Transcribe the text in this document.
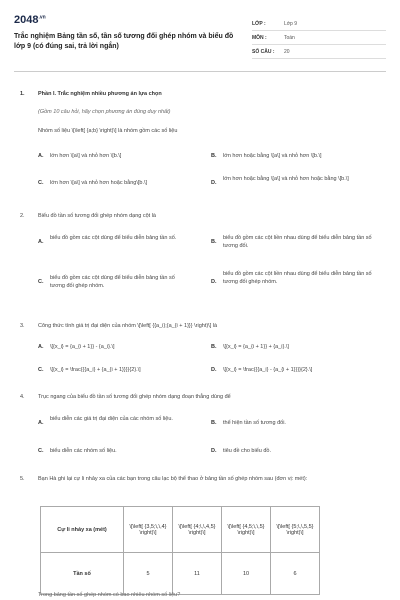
$2048^{.vn}$
Trắc nghiệm Bảng tần số, tần số tương đối ghép nhóm và biểu đồ lớp 9 (có đúng sai, trả lời ngắn)
LỚP :	Lớp 9
MÔN :	Toán
SỐ CÂU :	20
1. Phần I. Trắc nghiệm nhiều phương án lựa chọn
(Gồm 10 câu hỏi, hãy chọn phương án đúng duy nhất)
Nhóm số liệu \[\left[ {a;b} \right)\] là nhóm gồm các số liệu
A. lớn hơn \[a\] và nhỏ hơn \[b.\]	B. lớn hơn hoặc bằng \[a\] và nhỏ hơn \[b.\]
C. lớn hơn \[a\] và nhỏ hơn hoặc bằng\[b.\]	D.
lớn hơn hoặc bằng \[a\] và nhỏ hơn hoặc bằng \[b.\]
2. Biểu đồ tần số tương đối ghép nhóm dạng cột là
A.
biểu đồ gồm các cột dùng để biểu diễn bảng tần số.
B.
biểu đồ gồm các cột liền nhau dùng để biểu diễn bảng tần số tương đối.
C.
biểu đồ gồm các cột dùng để biểu diễn bảng tần số tương đối ghép nhóm.
D.
biểu đồ gồm các cột liền nhau dùng để biểu diễn bảng tần số tương đối ghép nhóm.
3. Công thức tính giá trị đại diện của nhóm \[\left[ {{a_i};{a_{i + 1}}} \right)\] là
A. \[{x_i} = {a_{i + 1}} - {a_i}.\]	B. \[{x_i} = {a_{i + 1}} + {a_i}.\]
C. \[{x_i} = \frac{{{a_i} + {a_{i + 1}}}}{2}.\]	D. \[{x_i} = \frac{{{a_i} - {a_{i + 1}}}}{2}.\]
4. Trục ngang của biểu đồ tần số tương đối ghép nhóm dạng đoạn thẳng dùng để
A.
biểu diễn các giá trị đại diện của các nhóm số liệu.
B. thể hiện tần số tương đối.
C. biểu diễn các nhóm số liệu.	D. tiêu đề cho biểu đồ.
5. Bạn Hà ghi lại cự li nhảy xa của các bạn trong câu lạc bộ thể thao ở bảng tần số ghép nhóm sau (đơn vị: mét):
Cự li nhảy xa (mét)	\[\left[ {3,5;\,\,4} \right)\]	\[\left[ {4;\,\,4,5} \right)\]	\[\left[ {4,5;\,\,5} \right)\]	\[\left[ {5;\,\,5,5} \right)\]
Tần số	5	11	10	6
Trong bảng tần số ghép nhóm có bao nhiêu nhóm số liệu?
